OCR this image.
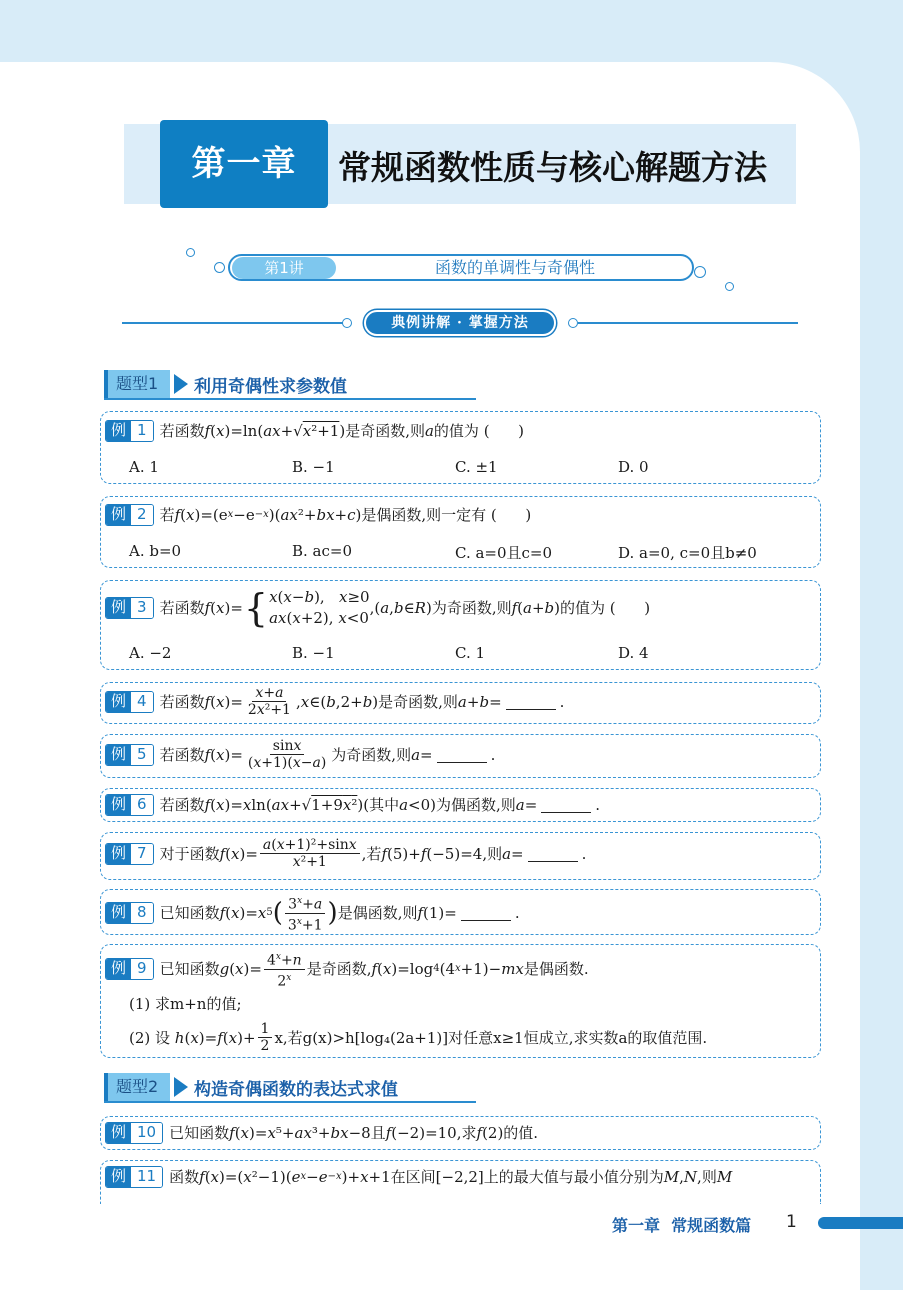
第一章	常规函数性质与核心解题方法
第1讲	函数的单调性与奇偶性
典例讲解 · 掌握方法
题型1	利用奇偶性求参数值
例 1 若函数 f ( x )=ln( ax +√ x²+1 )是奇函数,则 a 的值为 (      )
A. 1	B. −1	C. ±1	D. 0
例 2 若 f ( x )=(e x −e −x )( ax ²+ bx + c )是偶函数,则一定有 (      )
A. b=0	B. ac=0	C. a=0且c=0	D. a=0, c=0且b≠0
例 3 若函数 f ( x )= { x(x−b),   x≥0
ax(x+2), x<0
,( a , b ∈ R )为奇函数,则 f ( a + b )的值为 (      )
A. −2	B. −1	C. 1	D. 4
例 4 若函数 f ( x )= $\frac{x+a}{\text{2x²+1}}$ , x ∈( b ,2+ b )是奇函数,则 a + b =	.
例 5 若函数 f ( x )= $\frac{\sin x}{(x+1)(x-a)}$ 为奇函数,则 a =	.
例 6 若函数 f ( x )= x ln( ax +√ 1+9x² )(其中 a <0)为偶函数,则 a =	.
例 7 对于函数 f ( x )= $\frac{\text{a(x+1)²+sinx}}{\text{x²+1}}$ ,若 f (5)+ f (−5)=4,则 a =	.
例 8 已知函数 f ( x )= x 5 ( $\frac{3^x+a}{3^x+1}$ ) 是偶函数,则 f (1)=	.
例 9 已知函数 g ( x )= $\frac{4^x+n}{2^x}$ 是奇函数, f ( x )=log 4 (4 x +1)− mx 是偶函数.
(1) 求m+n的值;
(2) 设 h ( x )= f ( x )+ $\frac{1}{2} x$,若g(x)>h[log₄(2a+1)]对任意x≥1恒成立,求实数a的取值范围.
题型2	构造奇偶函数的表达式求值
例 10 已知函数 f ( x )= x ⁵+ ax ³+ bx −8且 f (−2)=10,求 f (2)的值.
例 11 函数 f ( x )=( x ²−1)( e x − e −x )+ x +1在区间[−2,2]上的最大值与最小值分别为 M , N ,则 M
第一章  常规函数篇 1
